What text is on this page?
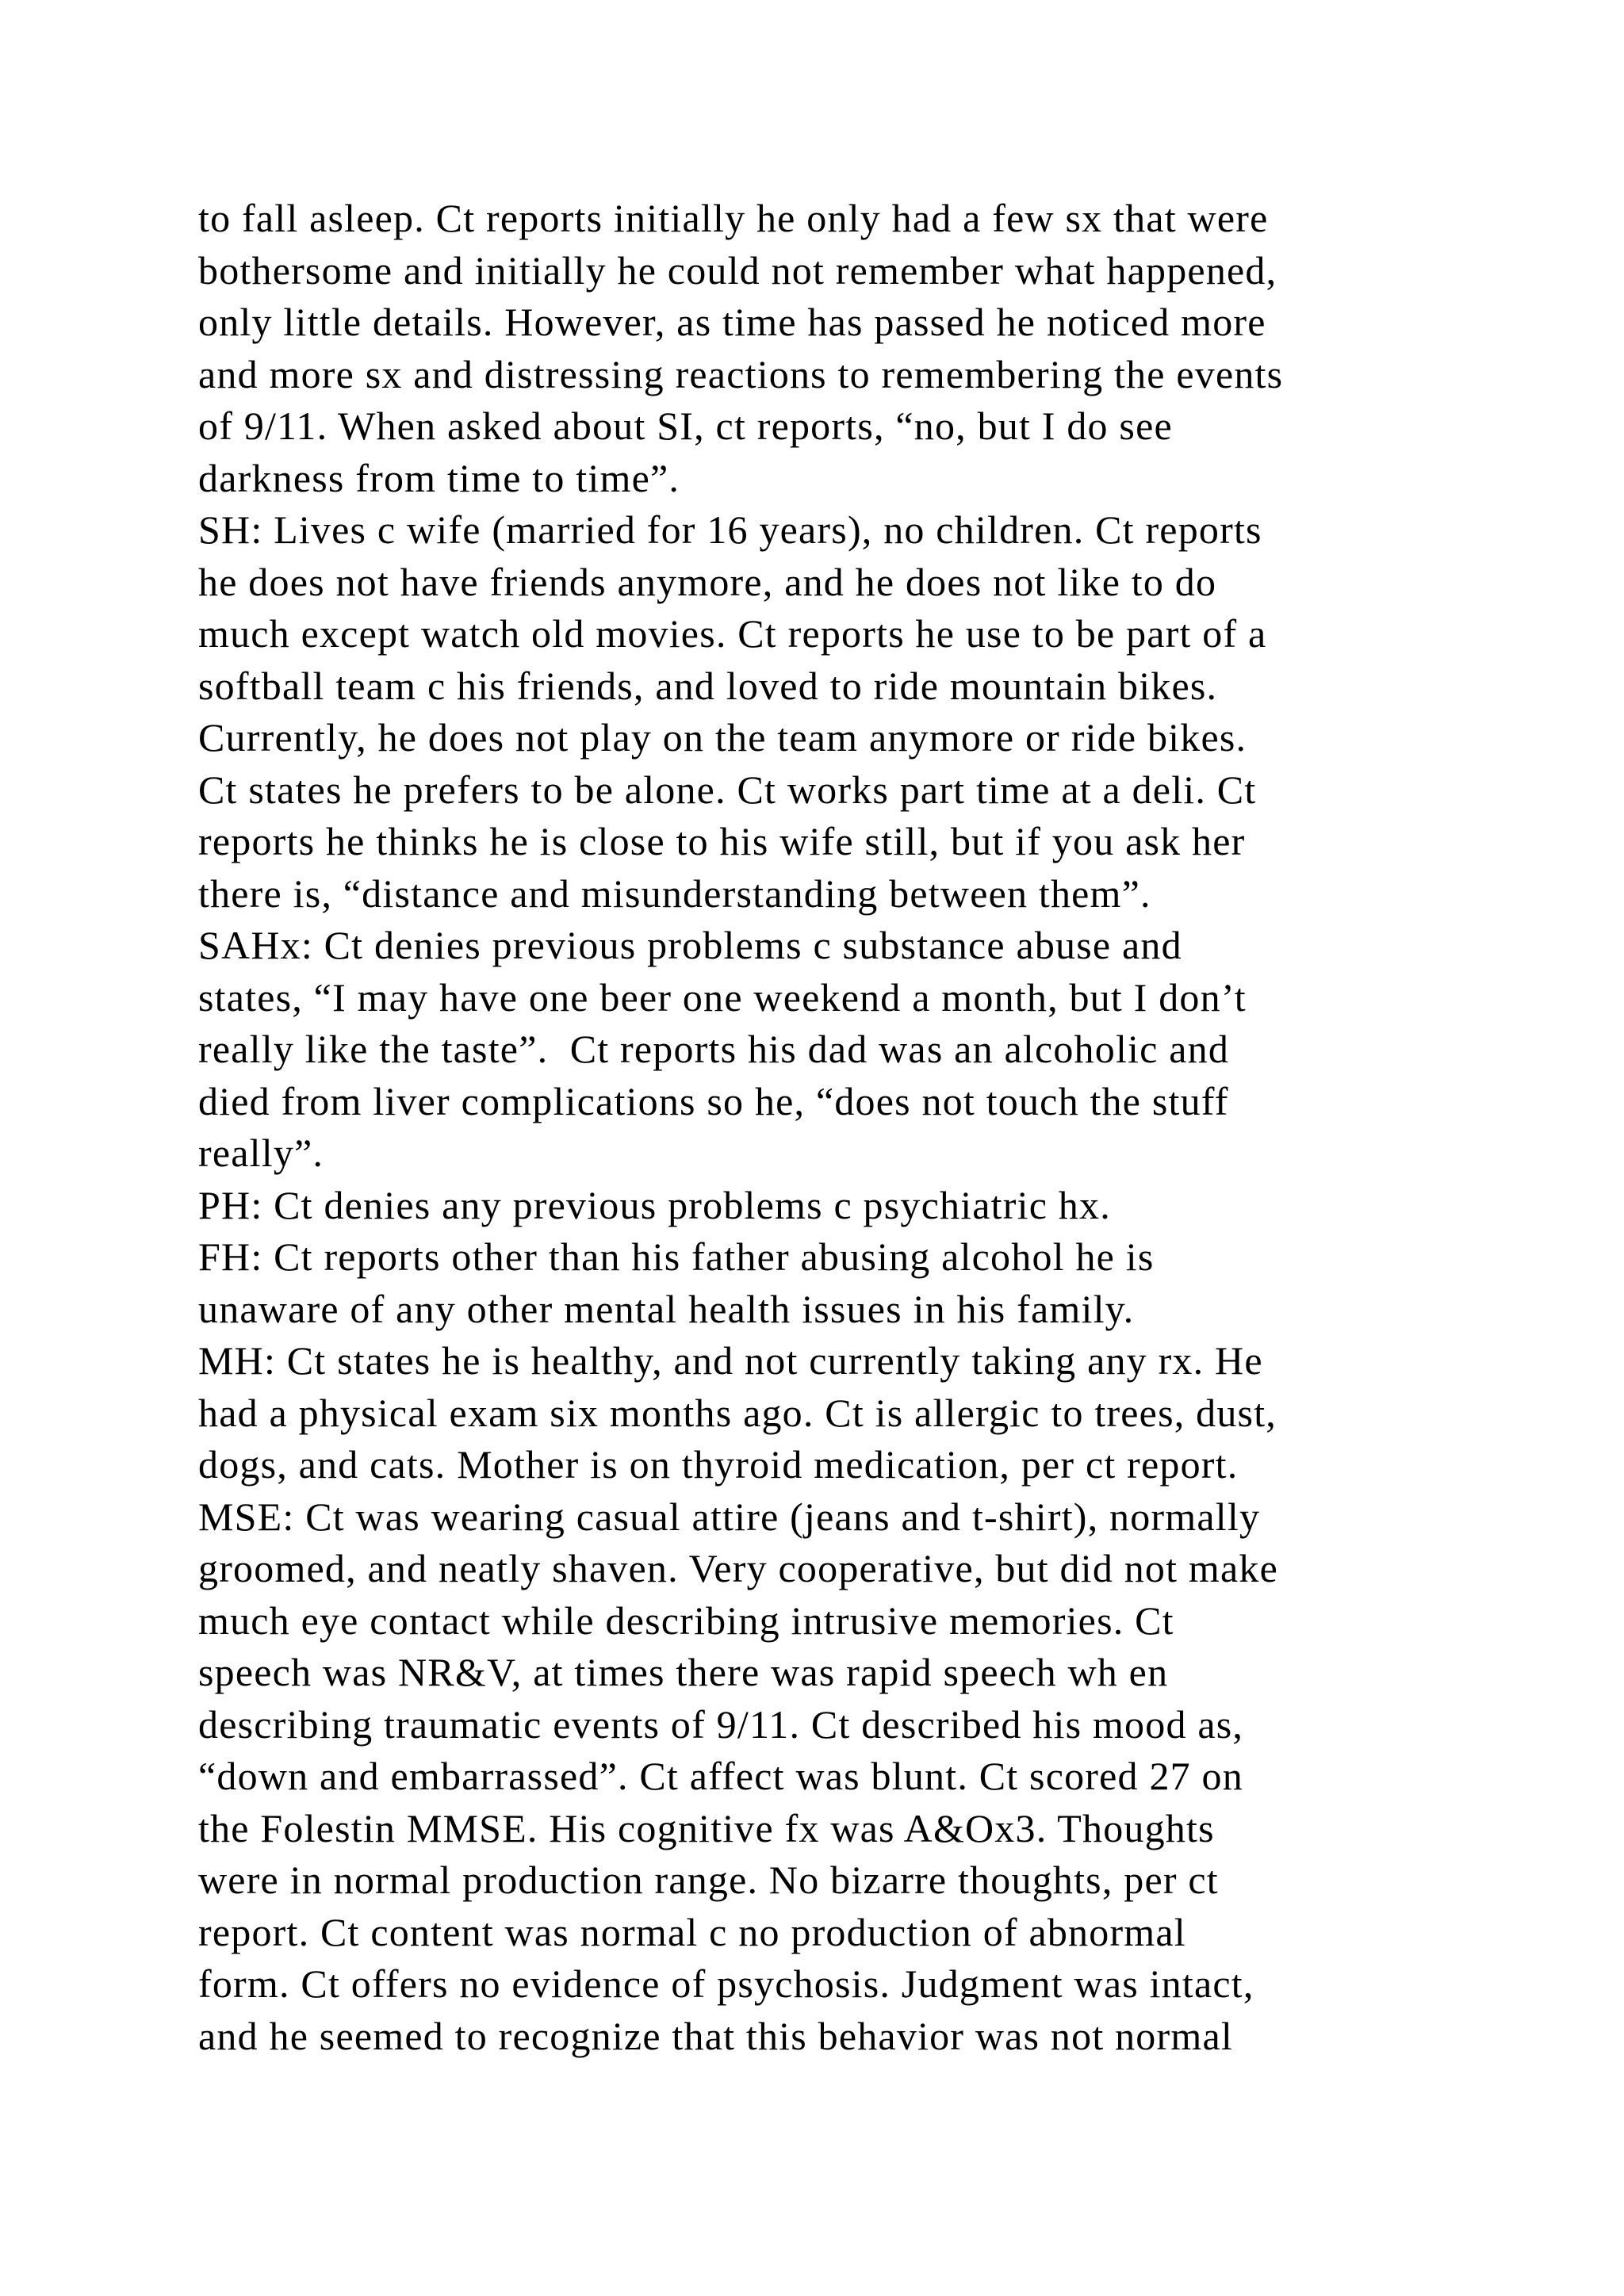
to fall asleep. Ct reports initially he only had a few sx that were
bothersome and initially he could not remember what happened,
only little details. However, as time has passed he noticed more
and more sx and distressing reactions to remembering the events
of 9/11. When asked about SI, ct reports, “no, but I do see
darkness from time to time”.
SH: Lives c wife (married for 16 years), no children. Ct reports
he does not have friends anymore, and he does not like to do
much except watch old movies. Ct reports he use to be part of a
softball team c his friends, and loved to ride mountain bikes.
Currently, he does not play on the team anymore or ride bikes.
Ct states he prefers to be alone. Ct works part time at a deli. Ct
reports he thinks he is close to his wife still, but if you ask her
there is, “distance and misunderstanding between them”.
SAHx: Ct denies previous problems c substance abuse and
states, “I may have one beer one weekend a month, but I don’t
really like the taste”.  Ct reports his dad was an alcoholic and
died from liver complications so he, “does not touch the stuff
really”.
PH: Ct denies any previous problems c psychiatric hx.
FH: Ct reports other than his father abusing alcohol he is
unaware of any other mental health issues in his family.
MH: Ct states he is healthy, and not currently taking any rx. He
had a physical exam six months ago. Ct is allergic to trees, dust,
dogs, and cats. Mother is on thyroid medication, per ct report.
MSE: Ct was wearing casual attire (jeans and t-shirt), normally
groomed, and neatly shaven. Very cooperative, but did not make
much eye contact while describing intrusive memories. Ct
speech was NR&V, at times there was rapid speech wh en
describing traumatic events of 9/11. Ct described his mood as,
“down and embarrassed”. Ct affect was blunt. Ct scored 27 on
the Folestin MMSE. His cognitive fx was A&Ox3. Thoughts
were in normal production range. No bizarre thoughts, per ct
report. Ct content was normal c no production of abnormal
form. Ct offers no evidence of psychosis. Judgment was intact,
and he seemed to recognize that this behavior was not normal
